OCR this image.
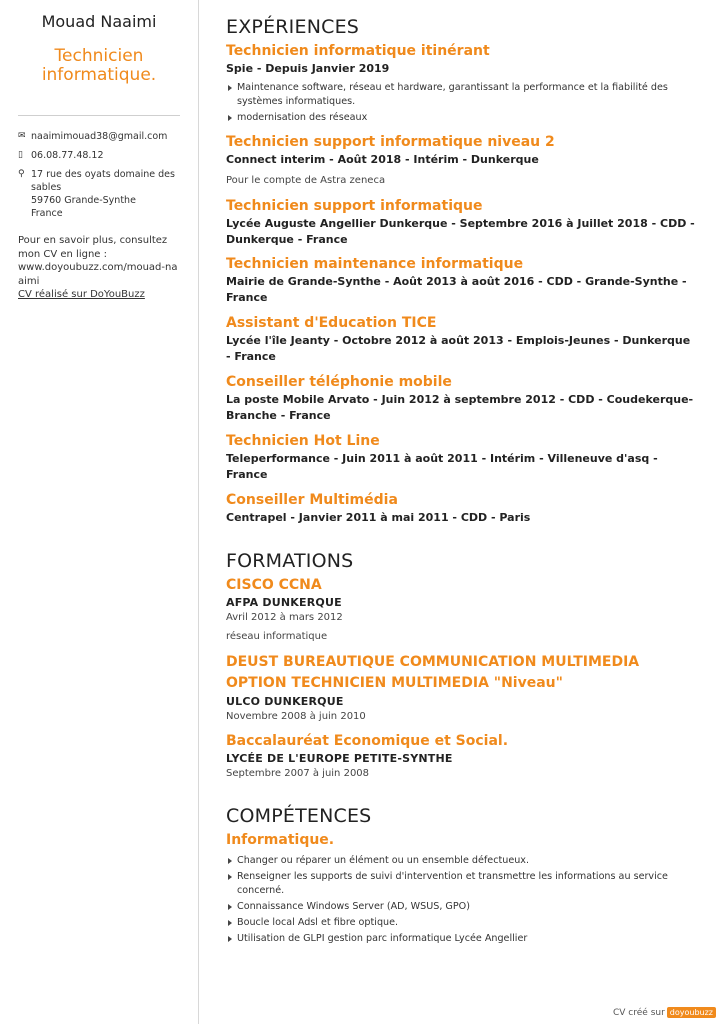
Mouad Naaimi
Technicien informatique.
✉ naaimimouad38@gmail.com
▯ 06.08.77.48.12
⚲ 17 rue des oyats domaine des sables
59760 Grande-Synthe
France
Pour en savoir plus, consultez mon CV en ligne :
www.doyoubuzz.com/mouad-naaimi
CV réalisé sur DoYouBuzz
EXPÉRIENCES
Technicien informatique itinérant
Spie - Depuis Janvier 2019
Maintenance software, réseau et hardware, garantissant la performance et la fiabilité des systèmes informatiques.
modernisation des réseaux
Technicien support informatique niveau 2
Connect interim - Août 2018 - Intérim - Dunkerque
Pour le compte de Astra zeneca
Technicien support informatique
Lycée Auguste Angellier Dunkerque - Septembre 2016 à Juillet 2018 - CDD - Dunkerque - France
Technicien maintenance informatique
Mairie de Grande-Synthe - Août 2013 à août 2016 - CDD - Grande-Synthe - France
Assistant d'Education TICE
Lycée l'île Jeanty - Octobre 2012 à août 2013 - Emplois-Jeunes - Dunkerque - France
Conseiller téléphonie mobile
La poste Mobile Arvato - Juin 2012 à septembre 2012 - CDD - Coudekerque-Branche - France
Technicien Hot Line
Teleperformance - Juin 2011 à août 2011 - Intérim - Villeneuve d'asq - France
Conseiller Multimédia
Centrapel - Janvier 2011 à mai 2011 - CDD - Paris
FORMATIONS
CISCO CCNA
AFPA DUNKERQUE
Avril 2012 à mars 2012
réseau informatique
DEUST BUREAUTIQUE COMMUNICATION MULTIMEDIA OPTION TECHNICIEN MULTIMEDIA "Niveau"
ULCO DUNKERQUE
Novembre 2008 à juin 2010
Baccalauréat Economique et Social.
LYCÉE DE L'EUROPE PETITE-SYNTHE
Septembre 2007 à juin 2008
COMPÉTENCES
Informatique.
Changer ou réparer un élément ou un ensemble défectueux.
Renseigner les supports de suivi d'intervention et transmettre les informations au service concerné.
Connaissance Windows Server (AD, WSUS, GPO)
Boucle local Adsl et fibre optique.
Utilisation de GLPI gestion parc informatique Lycée Angellier
CV créé sur doyoubuzz
